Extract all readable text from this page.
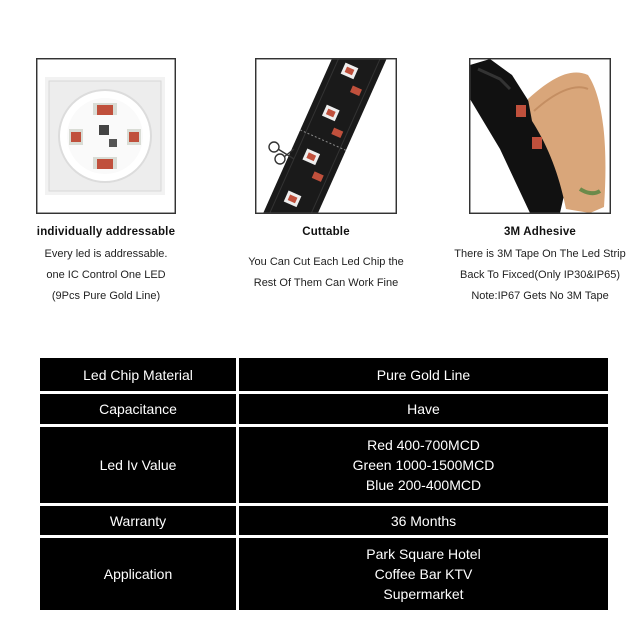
individually addressable
Every led is addressable.
one IC Control One LED
(9Pcs Pure Gold Line)
Cuttable
You Can Cut Each Led Chip the
Rest Of Them Can Work Fine
3M Adhesive
There is 3M Tape On The Led Strip
Back To Fixced(Only IP30&IP65)
Note:IP67 Gets No 3M Tape
Led Chip Material	Pure Gold Line

Capacitance	Have

Led Iv Value	Red 400-700MCD
Green 1000-1500MCD
Blue 200-400MCD

Warranty	36 Months

Application	Park Square Hotel
Coffee Bar KTV
Supermarket
